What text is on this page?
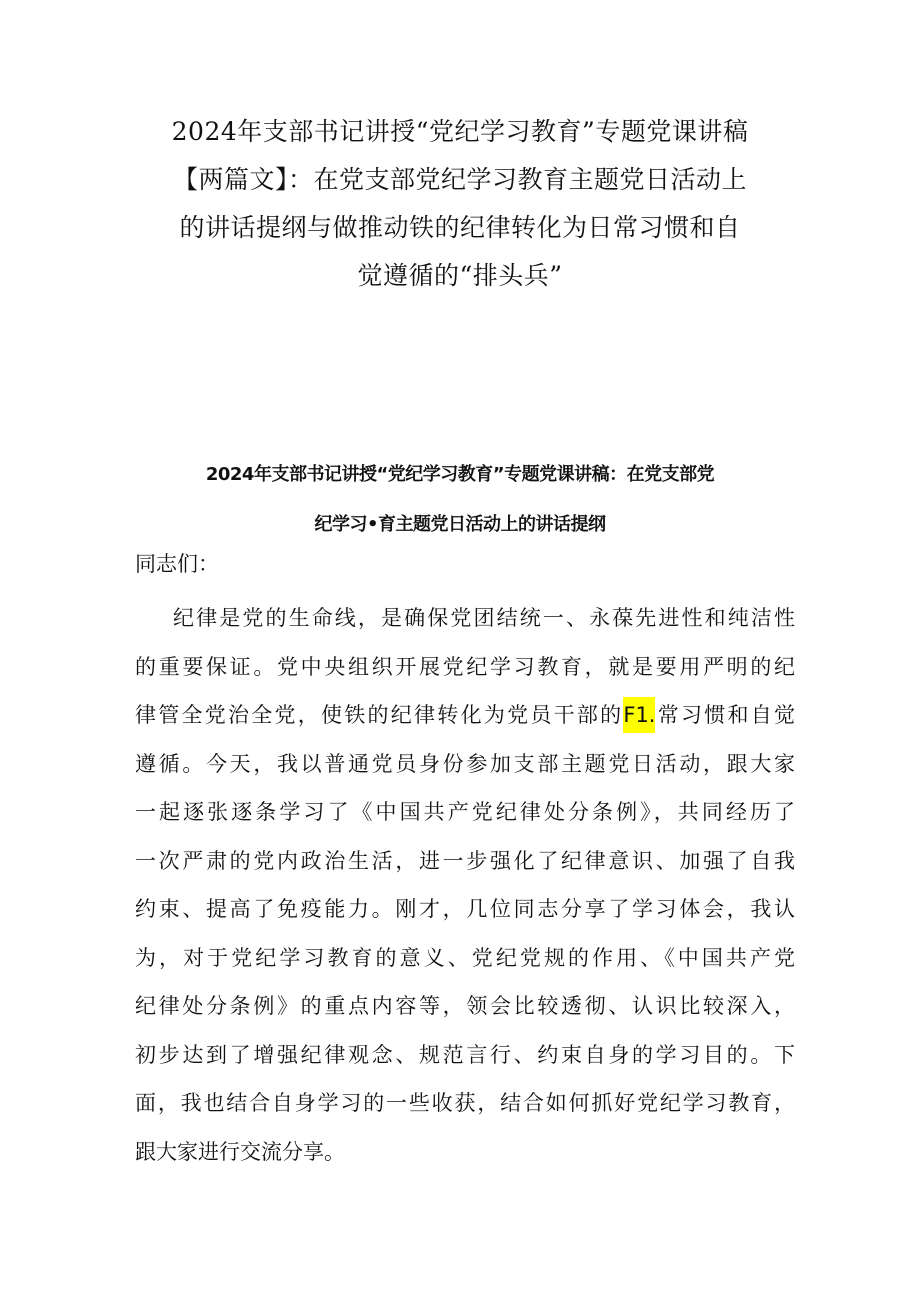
2024年支部书记讲授“党纪学习教育”专题党课讲稿
【两篇文】：在党支部党纪学习教育主题党日活动上
的讲话提纲与做推动铁的纪律转化为日常习惯和自
觉遵循的“排头兵”
2024年支部书记讲授“党纪学习教育”专题党课讲稿：在党支部党
纪学习•育主题党日活动上的讲话提纲
同志们：
纪律是党的生命线，是确保党团结统一、永葆先进性和纯洁性
的重要保证。党中央组织开展党纪学习教育，就是要用严明的纪
律管全党治全党，使铁的纪律转化为党员干部的F1.常习惯和自觉
遵循。今天，我以普通党员身份参加支部主题党日活动，跟大家
一起逐张逐条学习了《中国共产党纪律处分条例》，共同经历了
一次严肃的党内政治生活，进一步强化了纪律意识、加强了自我
约束、提高了免疫能力。刚才，几位同志分享了学习体会，我认
为，对于党纪学习教育的意义、党纪党规的作用、《中国共产党
纪律处分条例》的重点内容等，领会比较透彻、认识比较深入，
初步达到了增强纪律观念、规范言行、约束自身的学习目的。下
面，我也结合自身学习的一些收获，结合如何抓好党纪学习教育，
跟大家进行交流分享。
